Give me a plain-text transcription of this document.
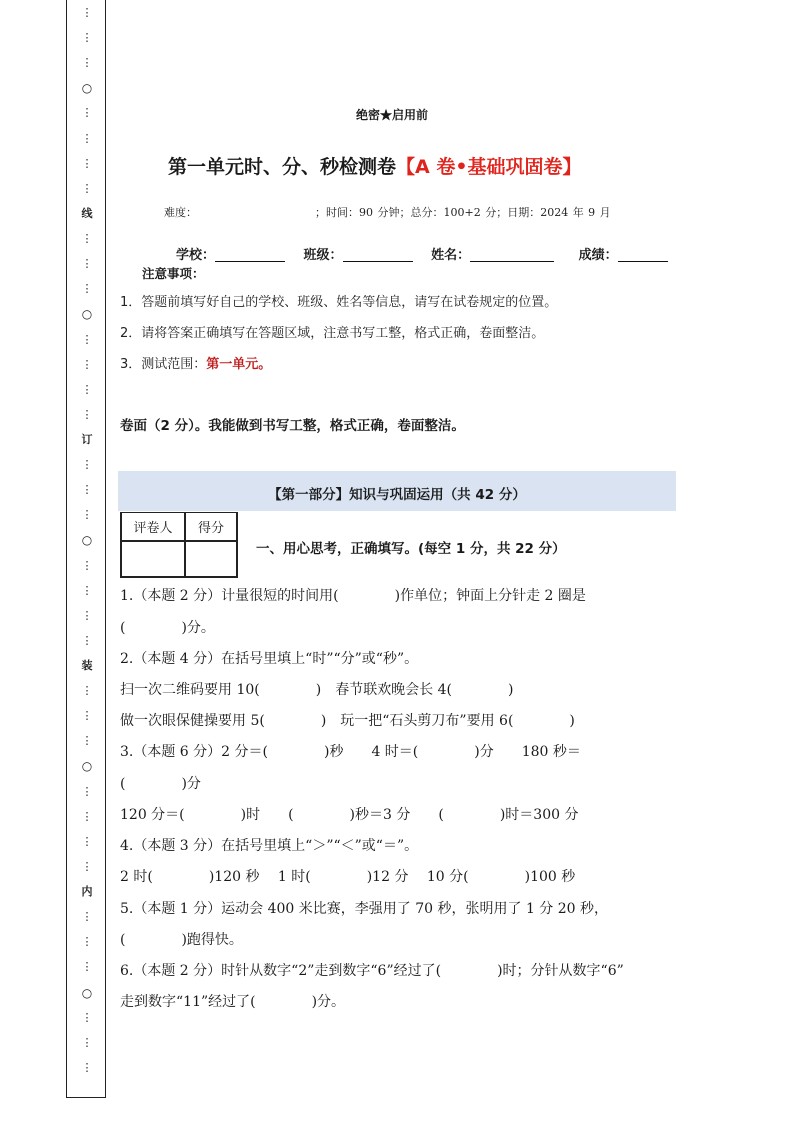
⋮
⋮
⋮
○
⋮
⋮
⋮
⋮
线
⋮
⋮
⋮
○
⋮
⋮
⋮
⋮
订
⋮
⋮
⋮
○
⋮
⋮
⋮
⋮
装
⋮
⋮
⋮
○
⋮
⋮
⋮
⋮
内
⋮
⋮
⋮
○
⋮
⋮
⋮
绝密★启用前
第一单元时、分、秒检测卷【A 卷•基础巩固卷】
难度：	；时间：90 分钟；总分：100+2 分；日期：2024 年 9 月
学校：	班级：	姓名：	成绩：
注意事项：
1．答题前填写好自己的学校、班级、姓名等信息，请写在试卷规定的位置。
2．请将答案正确填写在答题区域，注意书写工整，格式正确，卷面整洁。
3．测试范围：第一单元。
卷面（2 分）。我能做到书写工整，格式正确，卷面整洁。
【第一部分】知识与巩固运用（共 42 分）
评卷人	得分

一、用心思考，正确填写。(每空 1 分，共 22 分）
1.（本题 2 分）计量很短的时间用(　　　　)作单位；钟面上分针走 2 圈是
(　　　　)分。
2.（本题 4 分）在括号里填上“时”“分”或“秒”。
扫一次二维码要用 10(　　　　)　春节联欢晚会长 4(　　　　)
做一次眼保健操要用 5(　　　　)　玩一把“石头剪刀布”要用 6(　　　　)
3.（本题 6 分）2 分＝(　　　　)秒　　4 时＝(　　　　)分　　180 秒＝
(　　　　)分
120 分＝(　　　　)时　　(　　　　)秒＝3 分　　(　　　　)时＝300 分
4.（本题 3 分）在括号里填上“＞”“＜”或“＝”。
2 时(　　　　)120 秒　 1 时(　　　　)12 分　 10 分(　　　　)100 秒
5.（本题 1 分）运动会 400 米比赛，李强用了 70 秒，张明用了 1 分 20 秒，
(　　　　)跑得快。
6.（本题 2 分）时针从数字“2”走到数字“6”经过了(　　　　)时；分针从数字“6”
走到数字“11”经过了(　　　　)分。
